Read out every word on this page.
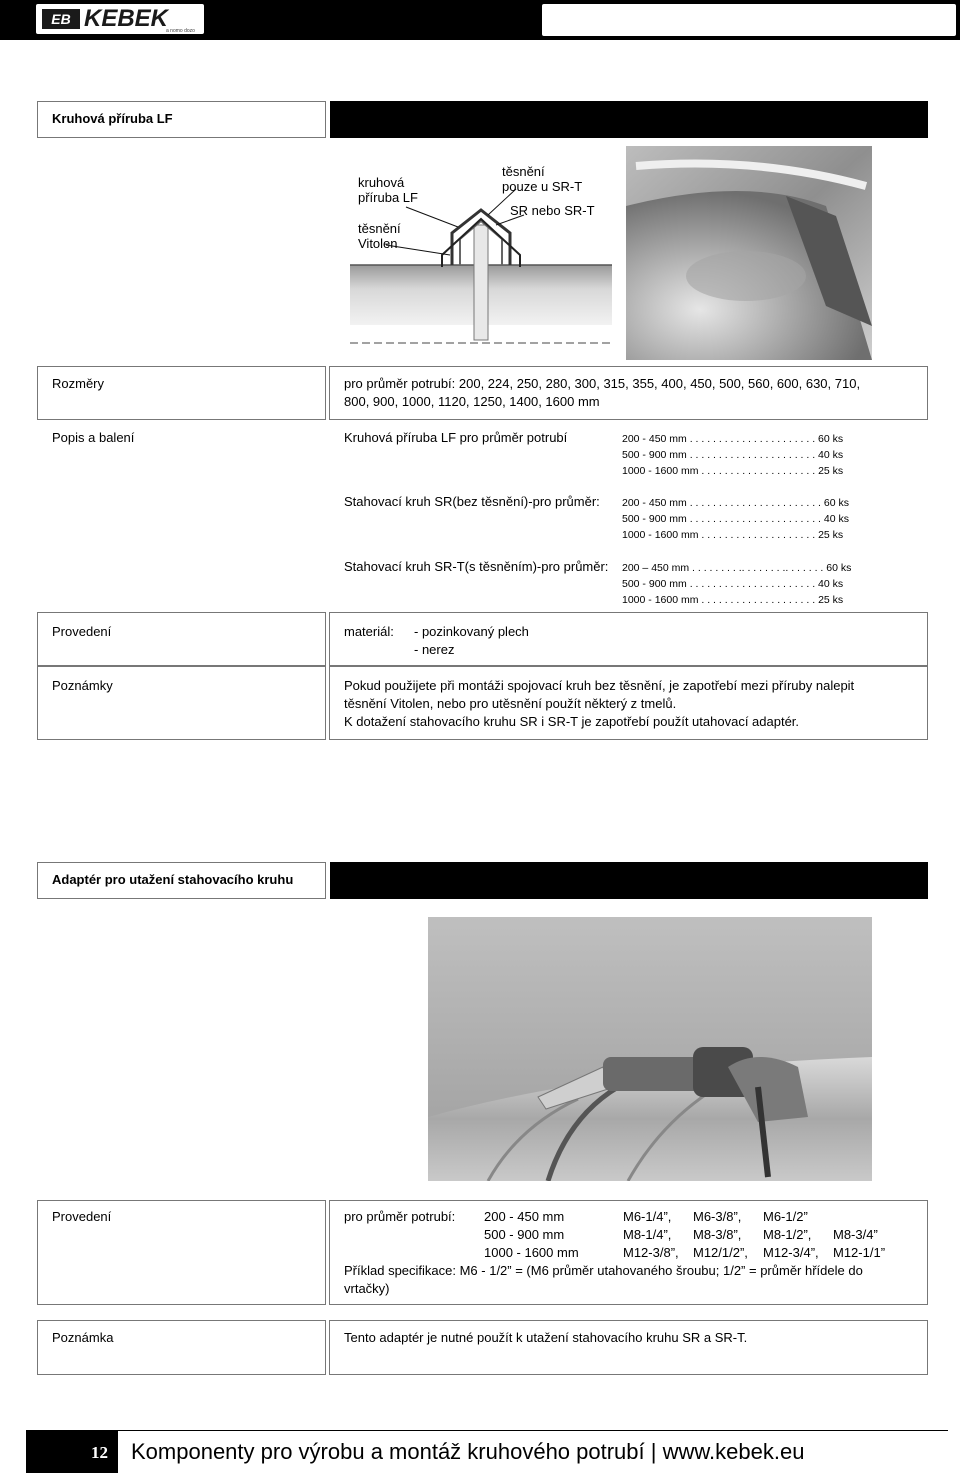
EB KEBEK
a nomo dozo
Kruhová příruba LF
kruhová
příruba LF
těsnění
Vitolen
těsnění
pouze u SR-T
SR nebo SR-T
Rozměry	pro průměr potrubí: 200, 224, 250, 280, 300, 315, 355, 400, 450, 500, 560, 600, 630, 710,
800, 900, 1000, 1120, 1250, 1400, 1600 mm
Popis a balení	Kruhová příruba LF pro průměr potrubí	200 - 450 mm . . . . . . . . . . . . . . . . . . . . . . 60 ks
500 - 900 mm . . . . . . . . . . . . . . . . . . . . . . 40 ks
1000 - 1600 mm . . . . . . . . . . . . . . . . . . . . 25 ks
Stahovací kruh SR(bez těsnění)-pro průměr: 200 - 450 mm . . . . . . . . . . . . . . . . . . . . . . . 60 ks
500 - 900 mm . . . . . . . . . . . . . . . . . . . . . . . 40 ks
1000 - 1600 mm . . . . . . . . . . . . . . . . . . . . 25 ks
Stahovací kruh SR-T(s těsněním)-pro průměr: 200 – 450 mm . . . . . . . . .. . . . . . . .. . . . . . . 60 ks
500 - 900 mm . . . . . . . . . . . . . . . . . . . . . . 40 ks
1000 - 1600 mm . . . . . . . . . . . . . . . . . . . . 25 ks
Provedení	materiál: - pozinkovaný plech
- nerez
Poznámky	Pokud použijete při montáži spojovací kruh bez těsnění, je zapotřebí mezi příruby nalepit
těsnění Vitolen, nebo pro utěsnění použít některý z tmelů.
K dotažení stahovacího kruhu SR i SR-T je zapotřebí použít utahovací adaptér.
Adaptér pro utažení stahovacího kruhu
Provedení	pro průměr potrubí: 200 - 450 mm	M6-1/4”, M6-3/8”, M6-1/2”
500 - 900 mm	M8-1/4”, M8-3/8”, M8-1/2”, M8-3/4”
1000 - 1600 mm	M12-3/8”, M12/1/2”, M12-3/4”, M12-1/1”
Příklad specifikace: M6 - 1/2” = (M6 průměr utahovaného šroubu; 1/2” = průměr hřídele do
vrtačky)
Poznámka	Tento adaptér je nutné použít k utažení stahovacího kruhu SR a SR-T.
12	Komponenty pro výrobu a montáž kruhového potrubí | www.kebek.eu
